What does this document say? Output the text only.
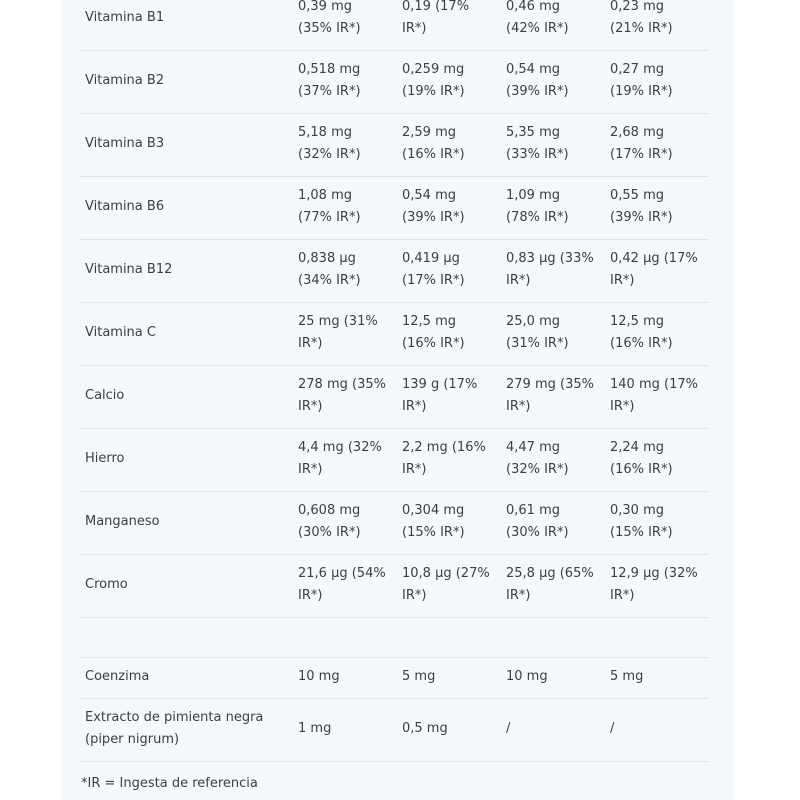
Vitamina B1	0,39 mg (35% IR*)	0,19 (17% IR*)	0,46 mg (42% IR*)	0,23 mg (21% IR*)
Vitamina B2	0,518 mg (37% IR*)	0,259 mg (19% IR*)	0,54 mg (39% IR*)	0,27 mg (19% IR*)
Vitamina B3	5,18 mg (32% IR*)	2,59 mg (16% IR*)	5,35 mg (33% IR*)	2,68 mg (17% IR*)
Vitamina B6	1,08 mg (77% IR*)	0,54 mg (39% IR*)	1,09 mg (78% IR*)	0,55 mg (39% IR*)
Vitamina B12	0,838 µg (34% IR*)	0,419 µg (17% IR*)	0,83 µg (33% IR*)	0,42 µg (17% IR*)
Vitamina C	25 mg (31% IR*)	12,5 mg (16% IR*)	25,0 mg (31% IR*)	12,5 mg (16% IR*)
Calcio	278 mg (35% IR*)	139 g (17% IR*)	279 mg (35% IR*)	140 mg (17% IR*)
Hierro	4,4 mg (32% IR*)	2,2 mg (16% IR*)	4,47 mg (32% IR*)	2,24 mg (16% IR*)
Manganeso	0,608 mg (30% IR*)	0,304 mg (15% IR*)	0,61 mg (30% IR*)	0,30 mg (15% IR*)
Cromo	21,6 µg (54% IR*)	10,8 µg (27% IR*)	25,8 µg (65% IR*)	12,9 µg (32% IR*)

Coenzima	10 mg	5 mg	10 mg	5 mg
Extracto de pimienta negra (piper nigrum)	1 mg	0,5 mg	/	/
*IR = Ingesta de referencia
